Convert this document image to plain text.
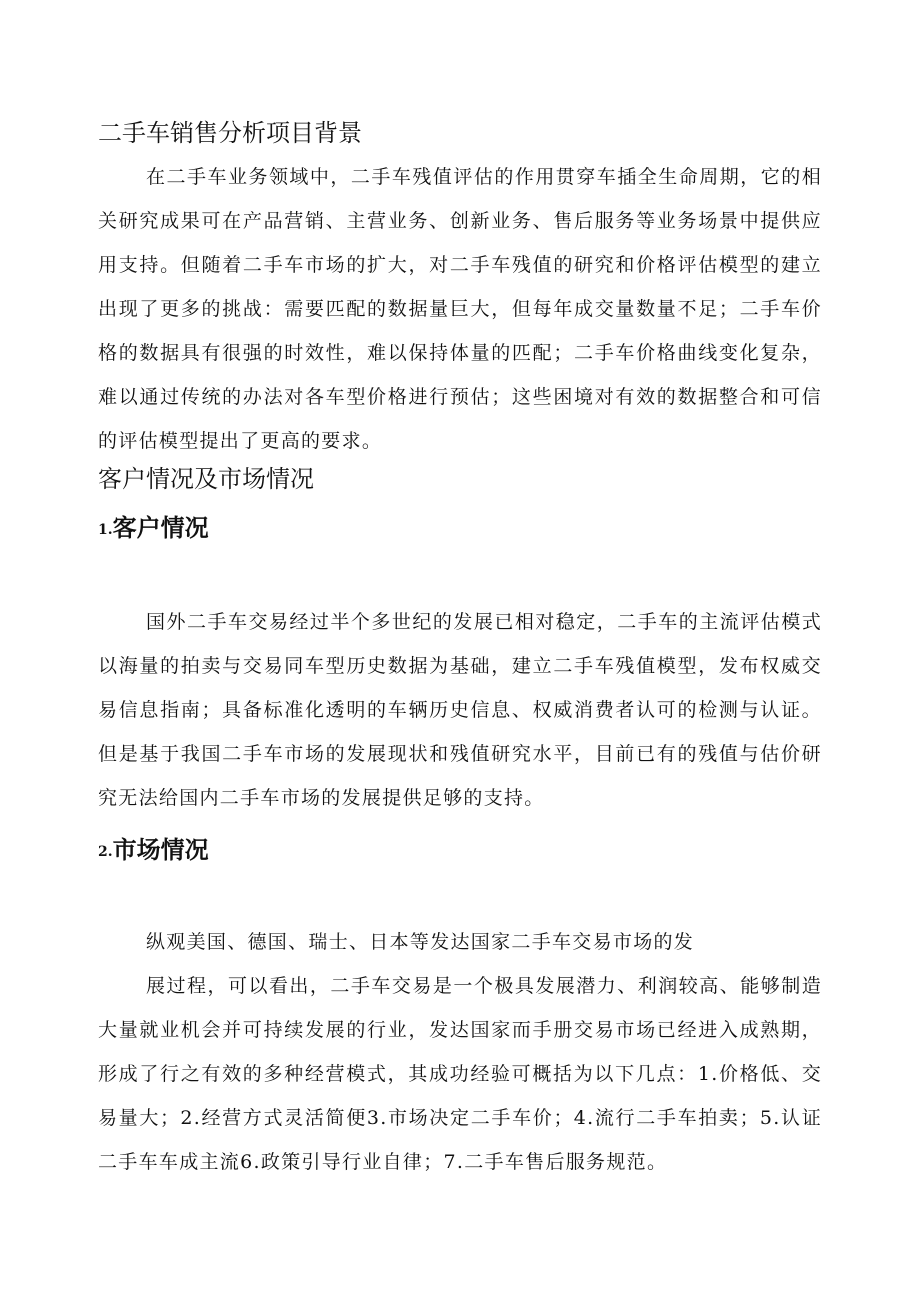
二手车销售分析项目背景

在二手车业务领域中，二手车残值评估的作用贯穿车插全生命周期，它的相关研究成果可在产品营销、主营业务、创新业务、售后服务等业务场景中提供应用支持。但随着二手车市场的扩大，对二手车残值的研究和价格评估模型的建立出现了更多的挑战：需要匹配的数据量巨大，但每年成交量数量不足；二手车价格的数据具有很强的时效性，难以保持体量的匹配；二手车价格曲线变化复杂，难以通过传统的办法对各车型价格进行预估；这些困境对有效的数据整合和可信的评估模型提出了更高的要求。

客户情况及市场情况
1.客户情况

国外二手车交易经过半个多世纪的发展已相对稳定，二手车的主流评估模式以海量的拍卖与交易同车型历史数据为基础，建立二手车残值模型，发布权威交易信息指南；具备标准化透明的车辆历史信息、权威消费者认可的检测与认证。但是基于我国二手车市场的发展现状和残值研究水平，目前已有的残值与估价研究无法给国内二手车市场的发展提供足够的支持。

2.市场情况

纵观美国、德国、瑞士、日本等发达国家二手车交易市场的发

展过程，可以看出，二手车交易是一个极具发展潜力、利润较高、能够制造大量就业机会并可持续发展的行业，发达国家而手册交易市场已经进入成熟期，形成了行之有效的多种经营模式，其成功经验可概括为以下几点：1.价格低、交易量大；2.经营方式灵活简便3.市场决定二手车价；4.流行二手车拍卖；5.认证二手车车成主流6.政策引导行业自律；7.二手车售后服务规范。
